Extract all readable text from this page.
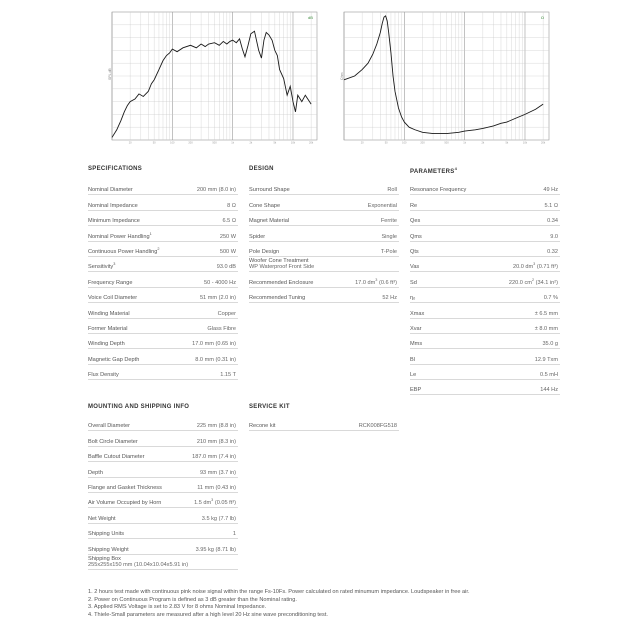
20	50	100	200	500	1k	2k	5k	10k	20k
SPL dB
dB
20	50	100	200	500	1k	2k	5k	10k	20k
Ohm
Ω
SPECIFICATIONS
Nominal Diameter	200 mm (8.0 in)
Nominal Impedance	8 Ω
Minimum Impedance	6.5 Ω
Nominal Power Handling$^1$	250 W
Continuous Power Handling$^2$	500 W
Sensitivity$^3$	93.0 dB
Frequency Range	50 - 4000 Hz
Voice Coil Diameter	51 mm (2.0 in)
Winding Material	Copper
Former Material	Glass Fibre
Winding Depth	17.0 mm (0.65 in)
Magnetic Gap Depth	8.0 mm (0.31 in)
Flux Density	1.15 T
DESIGN
Surround Shape	Roll
Cone Shape	Exponential
Magnet Material	Ferrite
Spider	Single
Pole Design	T-Pole
Woofer Cone Treatment
WP Waterproof Front Side
Recommended Enclosure	17.0 $dm^3$ (0.6 ft³)
Recommended Tuning	52 Hz
PARAMETERS$^4$
Resonance Frequency	49 Hz
Re	5.1 Ω
Qes	0.34
Qms	9.0
Qts	0.32
Vas	20.0 $dm^3$ (0.71 ft³)
Sd	220.0 $cm^2$ (34.1 in²)
ηₒ	0.7 %
Xmax	± 6.5 mm
Xvar	± 8.0 mm
Mms	35.0 g
Bl	12.9 Txm
Le	0.5 mH
EBP	144 Hz
MOUNTING AND SHIPPING INFO
Overall Diameter	225 mm (8.8 in)
Bolt Circle Diameter	210 mm (8.3 in)
Baffle Cutout Diameter	187.0 mm (7.4 in)
Depth	93 mm (3.7 in)
Flange and Gasket Thickness	11 mm (0.43 in)
Air Volume Occupied by Horn	1.5 $dm^3$ (0.05 ft³)
Net Weight	3.5 kg (7.7 lb)
Shipping Units	1
Shipping Weight	3.95 kg (8.71 lb)
Shipping Box
255x255x150 mm (10.04x10.04x5.91 in)
SERVICE KIT
Recone kit	RCK008FG518
1. 2 hours test made with continuous pink noise signal within the range Fs-10Fs. Power calculated on rated minumum impedance. Loudspeaker in free air.
2. Power on Continuous Program is defined as 3 dB greater than the Nominal rating.
3. Applied RMS Voltage is set to 2.83 V for 8 ohms Nominal Impedance.
4. Thiele-Small parameters are measured after a high level 20 Hz sine wave preconditioning test.
